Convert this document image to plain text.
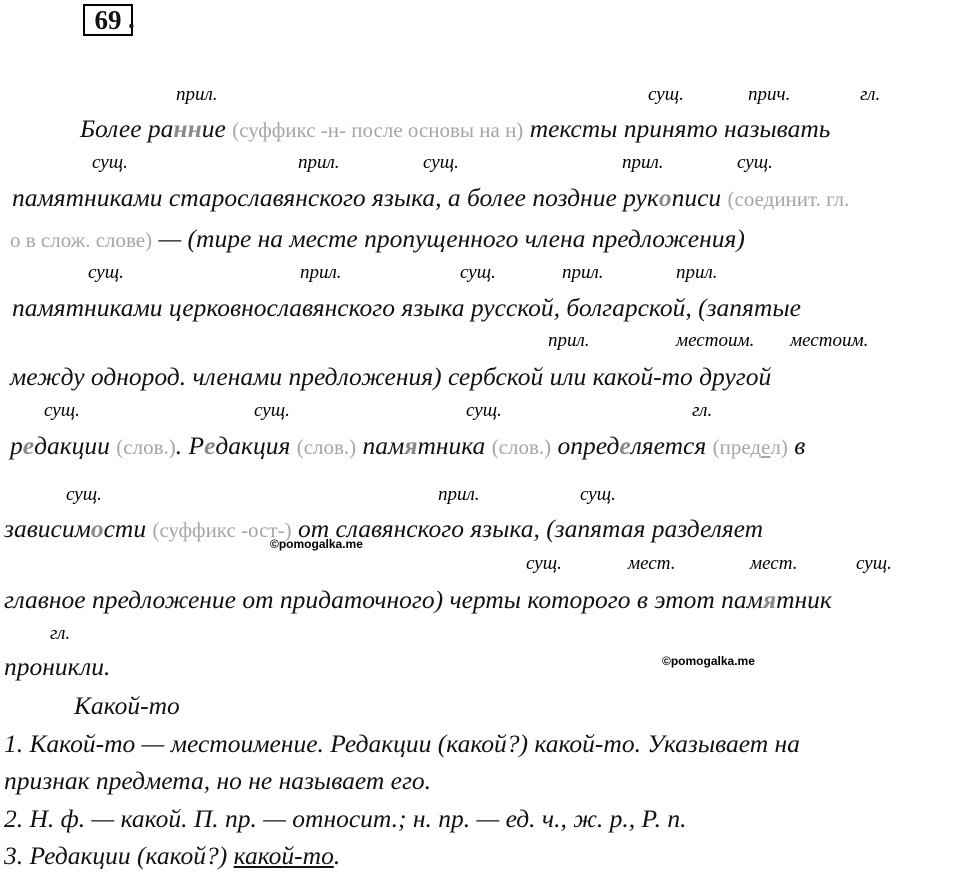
69 .
прил.	сущ.	прич.	гл.
Более ранние (суффикс -н- после основы на н) тексты принято называть
сущ.	прил.	сущ.	прил.	сущ.
памятниками старославянского языка, а более поздние рукописи (соединит. гл.
о в слож. слове) — (тире на месте пропущенного члена предложения)
сущ.	прил.	сущ.	прил.	прил.
памятниками церковнославянского языка русской, болгарской, (запятые
прил.	местоим. местоим.
между однород. членами предложения) сербской или какой-то другой
сущ.	сущ.	сущ.	гл.
редакции (слов.). Редакция (слов.) памятника (слов.) определяется (предел) в
сущ.	прил.	сущ.
зависимости (суффикс -ост-) от славянского языка, (запятая разделяет
©pomogalka.me
сущ.	мест.	мест.	сущ.
главное предложение от придаточного) черты которого в этот памятник
гл.
проникли.	©pomogalka.me
Какой-то
1. Какой-то — местоимение. Редакции (какой?) какой-то. Указывает на
признак предмета, но не называет его.
2. Н. ф. — какой. П. пр. — относит.; н. пр. — ед. ч., ж. р., Р. п.
3. Редакции (какой?) какой-то.
